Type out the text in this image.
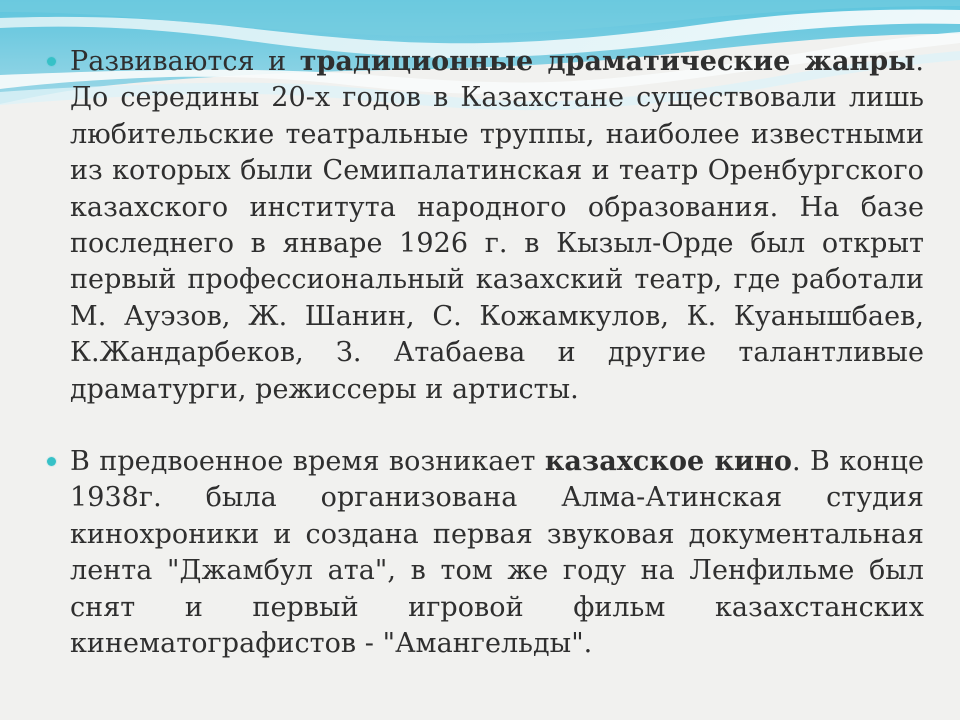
Развиваются и традиционные драматические жанры. До середины 20-х годов в Казахстане существовали лишь любительские театральные труппы, наиболее известными из которых были Семипалатинская и театр Оренбургского казахского института народного образования. На базе последнего в январе 1926 г. в Кызыл-Орде был открыт первый профессиональный казахский театр, где работали М. Ауэзов, Ж. Шанин, С. Кожамкулов, К. Куанышбаев, К.Жандарбеков, З. Атабаева и другие талантливые драматурги, режиссеры и артисты.
В предвоенное время возникает казахское кино. В конце 1938г. была организована Алма-Атинская студия кинохроники и создана первая звуковая документальная лента "Джамбул ата", в том же году на Ленфильме был снят и первый игровой фильм казахстанских кинематографистов - "Амангельды".
